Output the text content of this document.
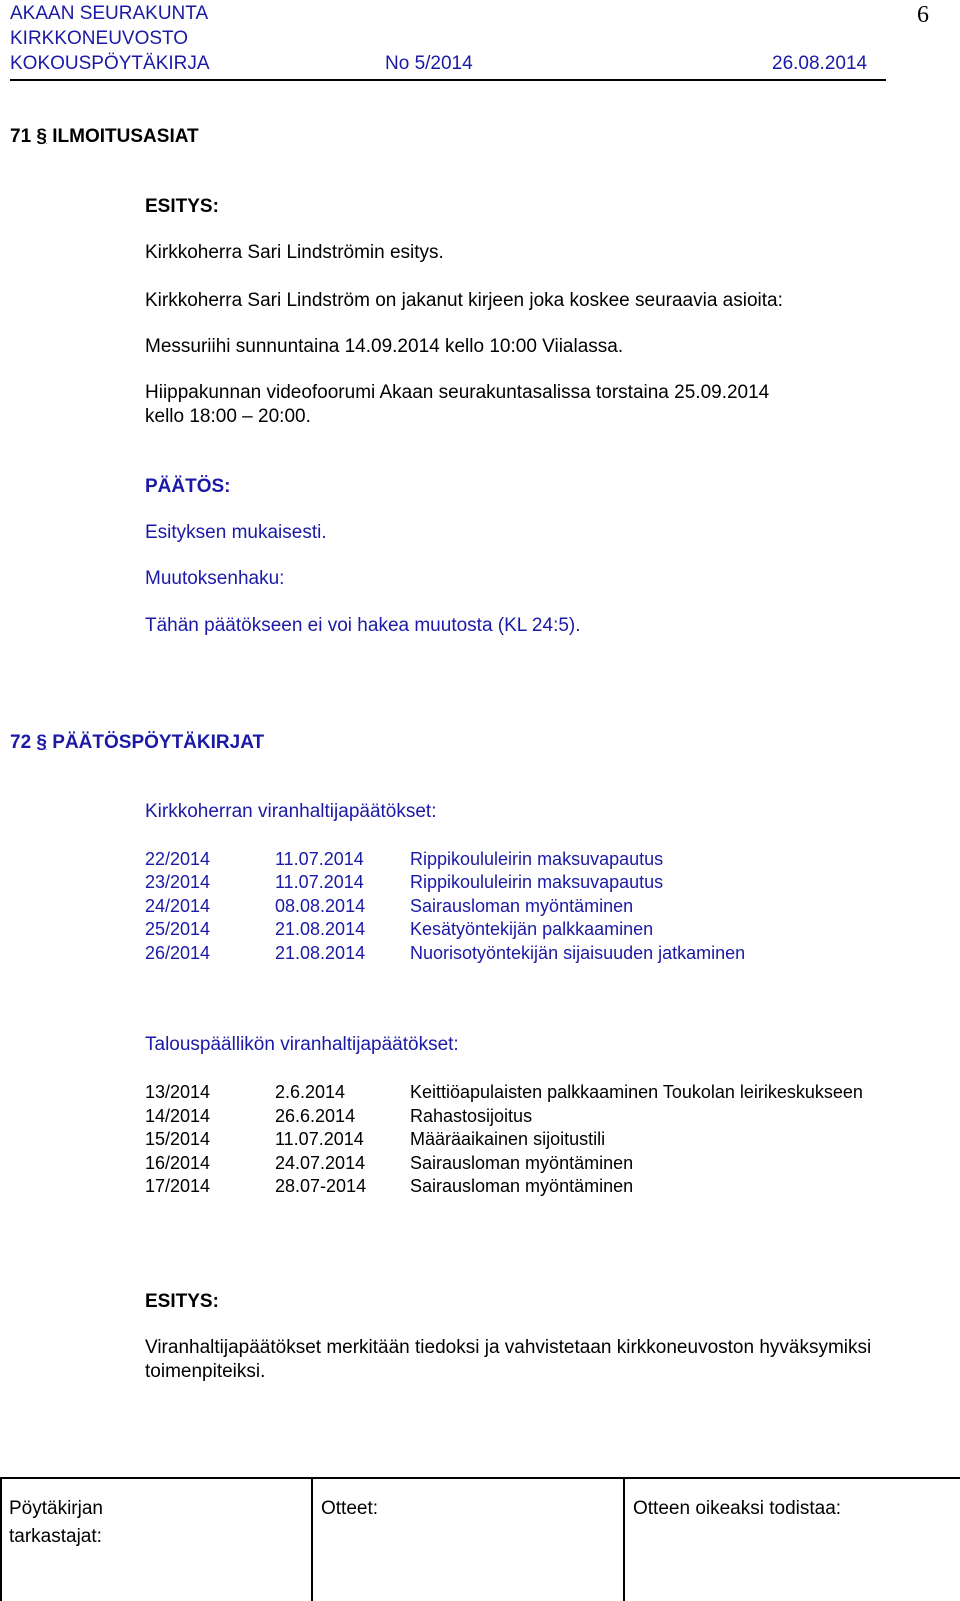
AKAAN SEURAKUNTA
KIRKKONEUVOSTO
KOKOUSPÖYTÄKIRJA	No 5/2014	26.08.2014
6
71 § ILMOITUSASIAT
ESITYS:
Kirkkoherra Sari Lindströmin esitys.
Kirkkoherra Sari Lindström on jakanut kirjeen joka koskee seuraavia asioita:
Messuriihi sunnuntaina 14.09.2014 kello 10:00 Viialassa.
Hiippakunnan videofoorumi Akaan seurakuntasalissa torstaina 25.09.2014
kello 18:00 – 20:00.
PÄÄTÖS:
Esityksen mukaisesti.
Muutoksenhaku:
Tähän päätökseen ei voi hakea muutosta (KL 24:5).
72 § PÄÄTÖSPÖYTÄKIRJAT
Kirkkoherran viranhaltijapäätökset:
22/2014	11.07.2014	Rippikoululeirin maksuvapautus
23/2014	11.07.2014	Rippikoululeirin maksuvapautus
24/2014	08.08.2014 Sairausloman myöntäminen
25/2014	21.08.2014 Kesätyöntekijän palkkaaminen
26/2014	21.08.2014 Nuorisotyöntekijän sijaisuuden jatkaminen
Talouspäällikön viranhaltijapäätökset:
13/2014	2.6.2014	Keittiöapulaisten palkkaaminen Toukolan leirikeskukseen
14/2014	26.6.2014	Rahastosijoitus
15/2014	11.07.2014	Määräaikainen sijoitustili
16/2014	24.07.2014 Sairausloman myöntäminen
17/2014	28.07-2014 Sairausloman myöntäminen
ESITYS:
Viranhaltijapäätökset merkitään tiedoksi ja vahvistetaan kirkkoneuvoston hyväksymiksi toimenpiteiksi.
Pöytäkirjan
tarkastajat:
Otteet:	Otteen oikeaksi todistaa:
